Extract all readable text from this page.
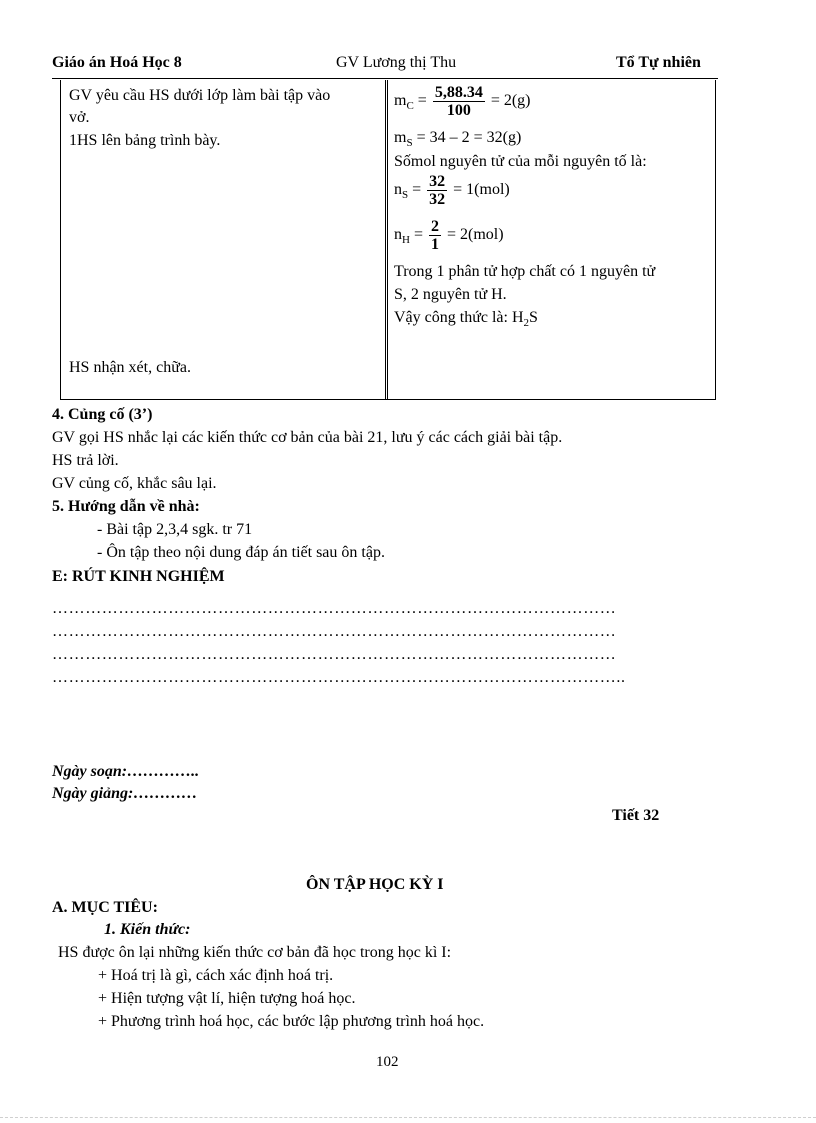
Giáo án Hoá Học 8	GV Lương thị Thu	Tổ Tự nhiên
GV yêu cầu HS dưới lớp làm bài tập vào
vở.
1HS lên bảng trình bày.
HS nhận xét, chữa.
$m_C = \frac{5,88.34}{100} = 2(g)$
$m_S = 34 - 2 = 32(g)$
Sốmol nguyên tử của mỗi nguyên tố là:
$n_S = \frac{32}{32} = 1(mol)$
$n_H = \frac{2}{1} = 2(mol)$
Trong 1 phân tử hợp chất có 1 nguyên tử
S, 2 nguyên tử H.
Vậy công thức là: $H_2S$
4. Củng cố (3’)
GV gọi HS nhắc lại các kiến thức cơ bản của bài 21, lưu ý các cách giải bài tập.
HS trả lời.
GV củng cố, khắc sâu lại.
5. Hướng dẫn về nhà:
- Bài tập 2,3,4 sgk. tr 71
- Ôn tập theo nội dung đáp án tiết sau ôn tập.
E: RÚT KINH NGHIỆM
…………………………………………………………………………………………
…………………………………………………………………………………………
…………………………………………………………………………………………
…………………………………………………………………………………………..
Ngày soạn:…………..
Ngày giảng:…………
Tiết 32
ÔN TẬP HỌC KỲ I
A. MỤC TIÊU:
1. Kiến thức:
HS được ôn lại những kiến thức cơ bản đã học trong học kì I:
+ Hoá trị là gì, cách xác định hoá trị.
+ Hiện tượng vật lí, hiện tượng hoá học.
+ Phương trình hoá học, các bước lập phương trình hoá học.
102
